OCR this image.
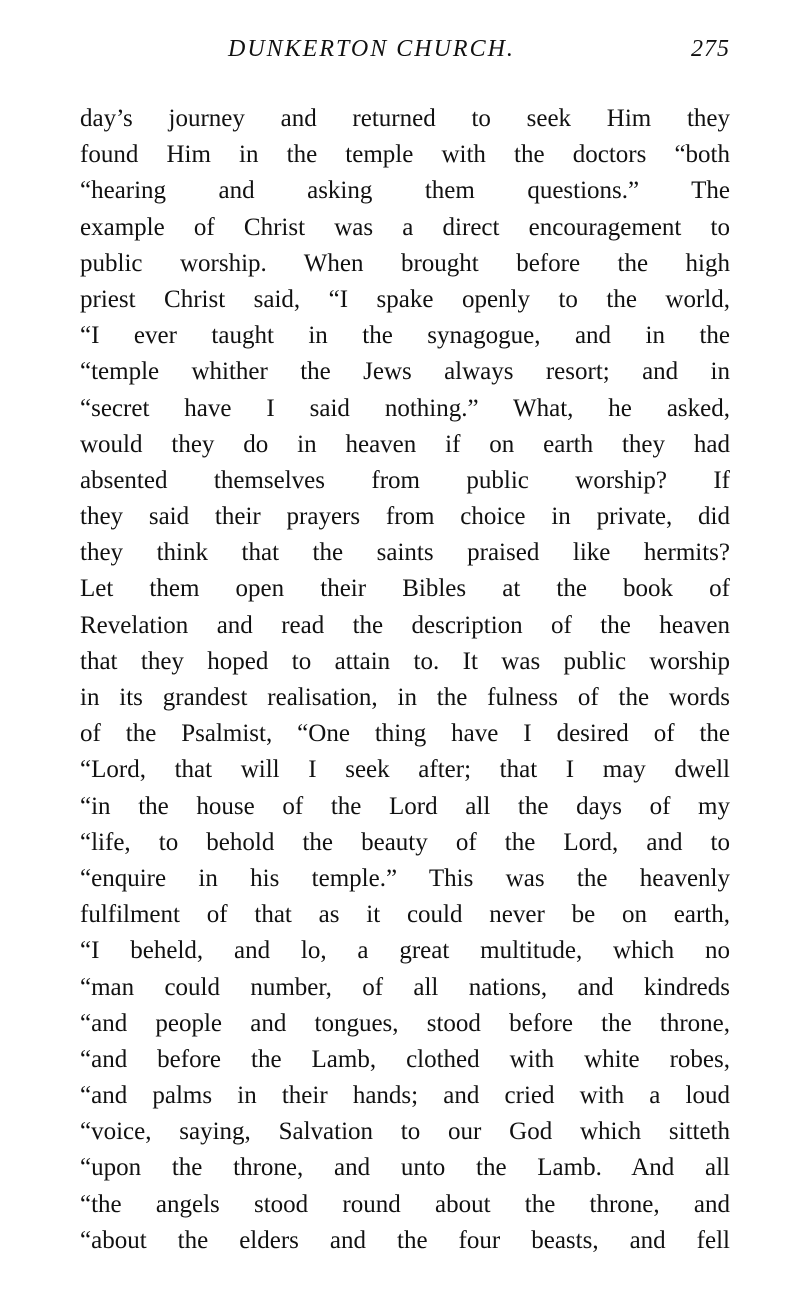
DUNKERTON CHURCH.	275
day’s journey and returned to seek Him they
found Him in the temple with the doctors “both
“hearing and asking them questions.” The
example of Christ was a direct encouragement to
public worship. When brought before the high
priest Christ said, “I spake openly to the world,
“I ever taught in the synagogue, and in the
“temple whither the Jews always resort; and in
“secret have I said nothing.” What, he asked,
would they do in heaven if on earth they had
absented themselves from public worship? If
they said their prayers from choice in private, did
they think that the saints praised like hermits?
Let them open their Bibles at the book of
Revelation and read the description of the heaven
that they hoped to attain to. It was public worship
in its grandest realisation, in the fulness of the words
of the Psalmist, “One thing have I desired of the
“Lord, that will I seek after; that I may dwell
“in the house of the Lord all the days of my
“life, to behold the beauty of the Lord, and to
“enquire in his temple.” This was the heavenly
fulfilment of that as it could never be on earth,
“I beheld, and lo, a great multitude, which no
“man could number, of all nations, and kindreds
“and people and tongues, stood before the throne,
“and before the Lamb, clothed with white robes,
“and palms in their hands; and cried with a loud
“voice, saying, Salvation to our God which sitteth
“upon the throne, and unto the Lamb. And all
“the angels stood round about the throne, and
“about the elders and the four beasts, and fell
